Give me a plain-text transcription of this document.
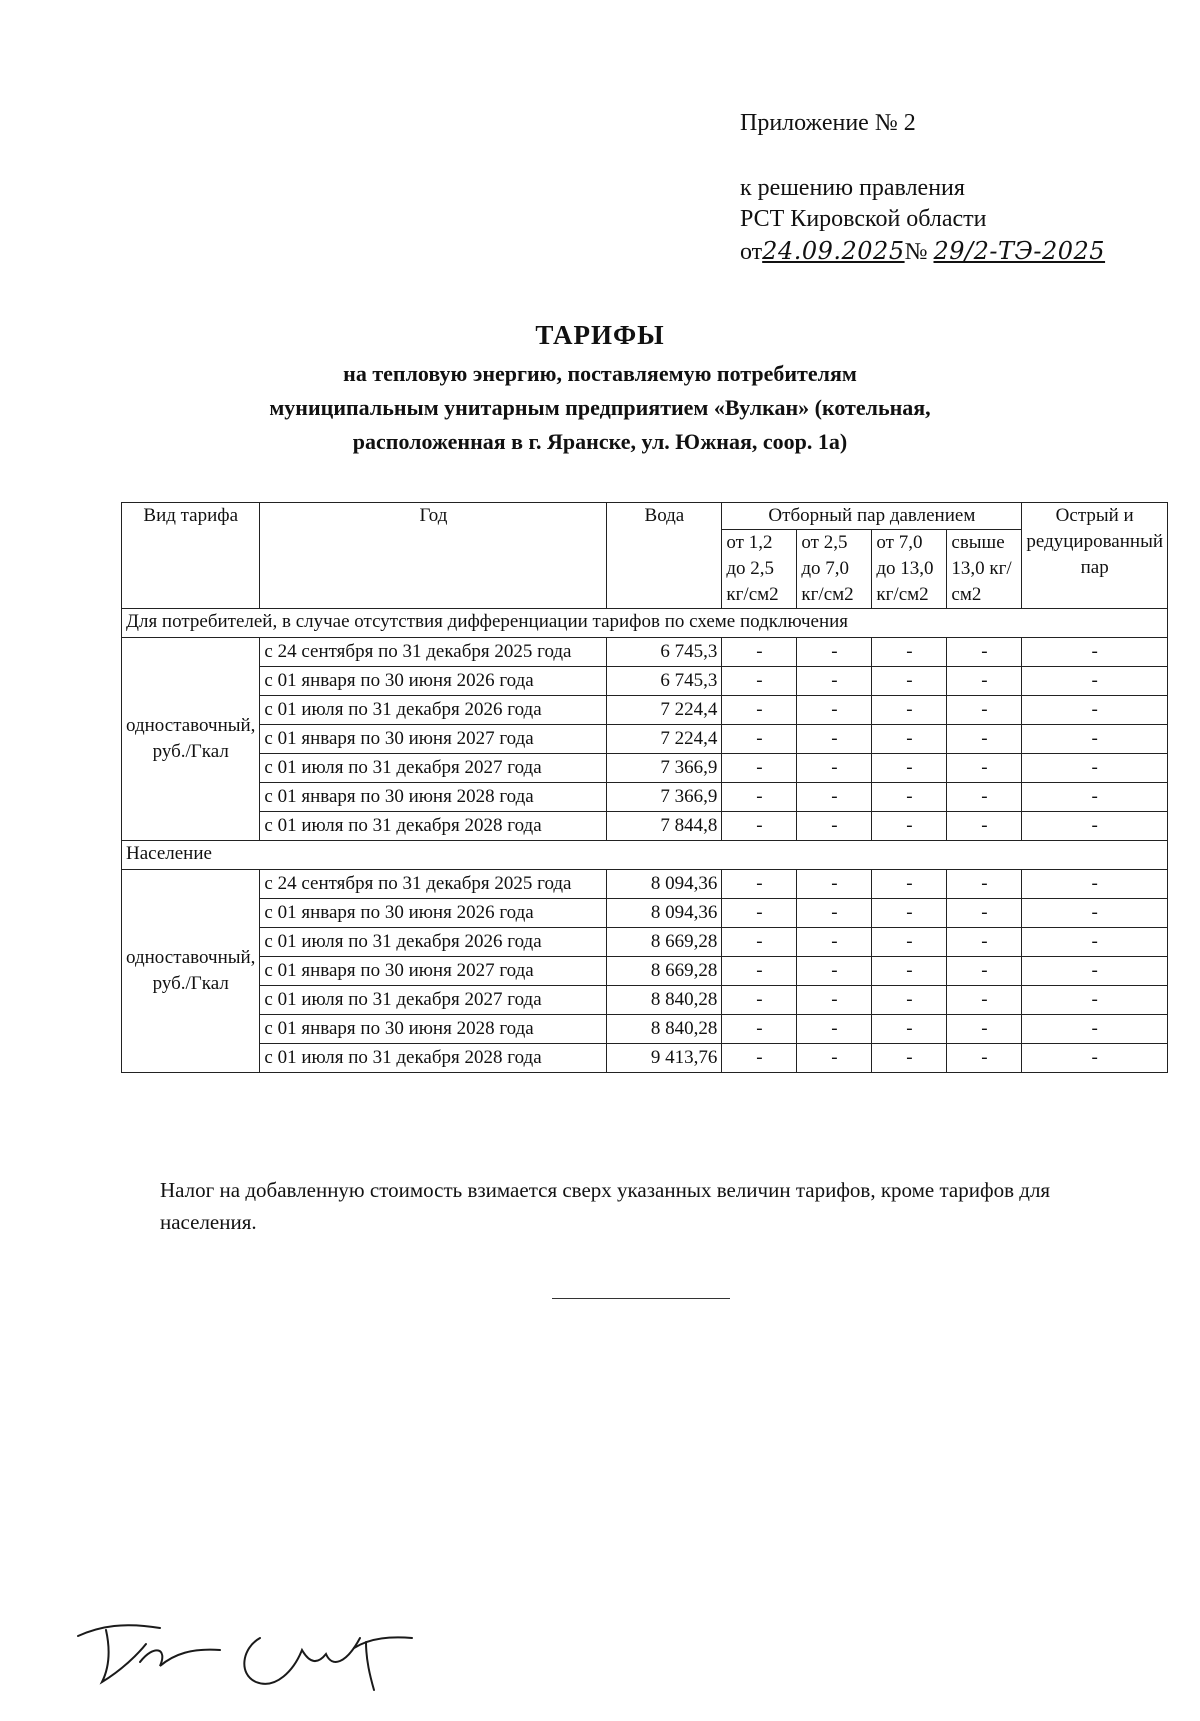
Приложение № 2
к решению правления
РСТ Кировской области
от24.09.2025№ 29/2-ТЭ-2025
ТАРИФЫ
на тепловую энергию, поставляемую потребителям
муниципальным унитарным предприятием «Вулкан» (котельная,
расположенная в г. Яранске, ул. Южная, соор. 1а)
Вид тарифа	Год	Вода	Отборный пар давлением				Острый и редуцированный пар
			от 1,2 до 2,5 кг/см2	от 2,5 до 7,0 кг/см2	от 7,0 до 13,0 кг/см2	свыше 13,0 кг/см2	
Для потребителей, в случае отсутствия дифференциации тарифов по схеме подключения							
одноставочный, руб./Гкал	с 24 сентября по 31 декабря 2025 года	6 745,3	-	-	-	-	-
	с 01 января по 30 июня 2026 года	6 745,3	-	-	-	-	-
	с 01 июля по 31 декабря 2026 года	7 224,4	-	-	-	-	-
	с 01 января по 30 июня 2027 года	7 224,4	-	-	-	-	-
	с 01 июля по 31 декабря 2027 года	7 366,9	-	-	-	-	-
	с 01 января по 30 июня 2028 года	7 366,9	-	-	-	-	-
	с 01 июля по 31 декабря 2028 года	7 844,8	-	-	-	-	-
Население							
одноставочный, руб./Гкал	с 24 сентября по 31 декабря 2025 года	8 094,36	-	-	-	-	-
	с 01 января по 30 июня 2026 года	8 094,36	-	-	-	-	-
	с 01 июля по 31 декабря 2026 года	8 669,28	-	-	-	-	-
	с 01 января по 30 июня 2027 года	8 669,28	-	-	-	-	-
	с 01 июля по 31 декабря 2027 года	8 840,28	-	-	-	-	-
	с 01 января по 30 июня 2028 года	8 840,28	-	-	-	-	-
	с 01 июля по 31 декабря 2028 года	9 413,76	-	-	-	-	-
Налог на добавленную стоимость взимается сверх указанных величин тарифов, кроме тарифов для населения.
